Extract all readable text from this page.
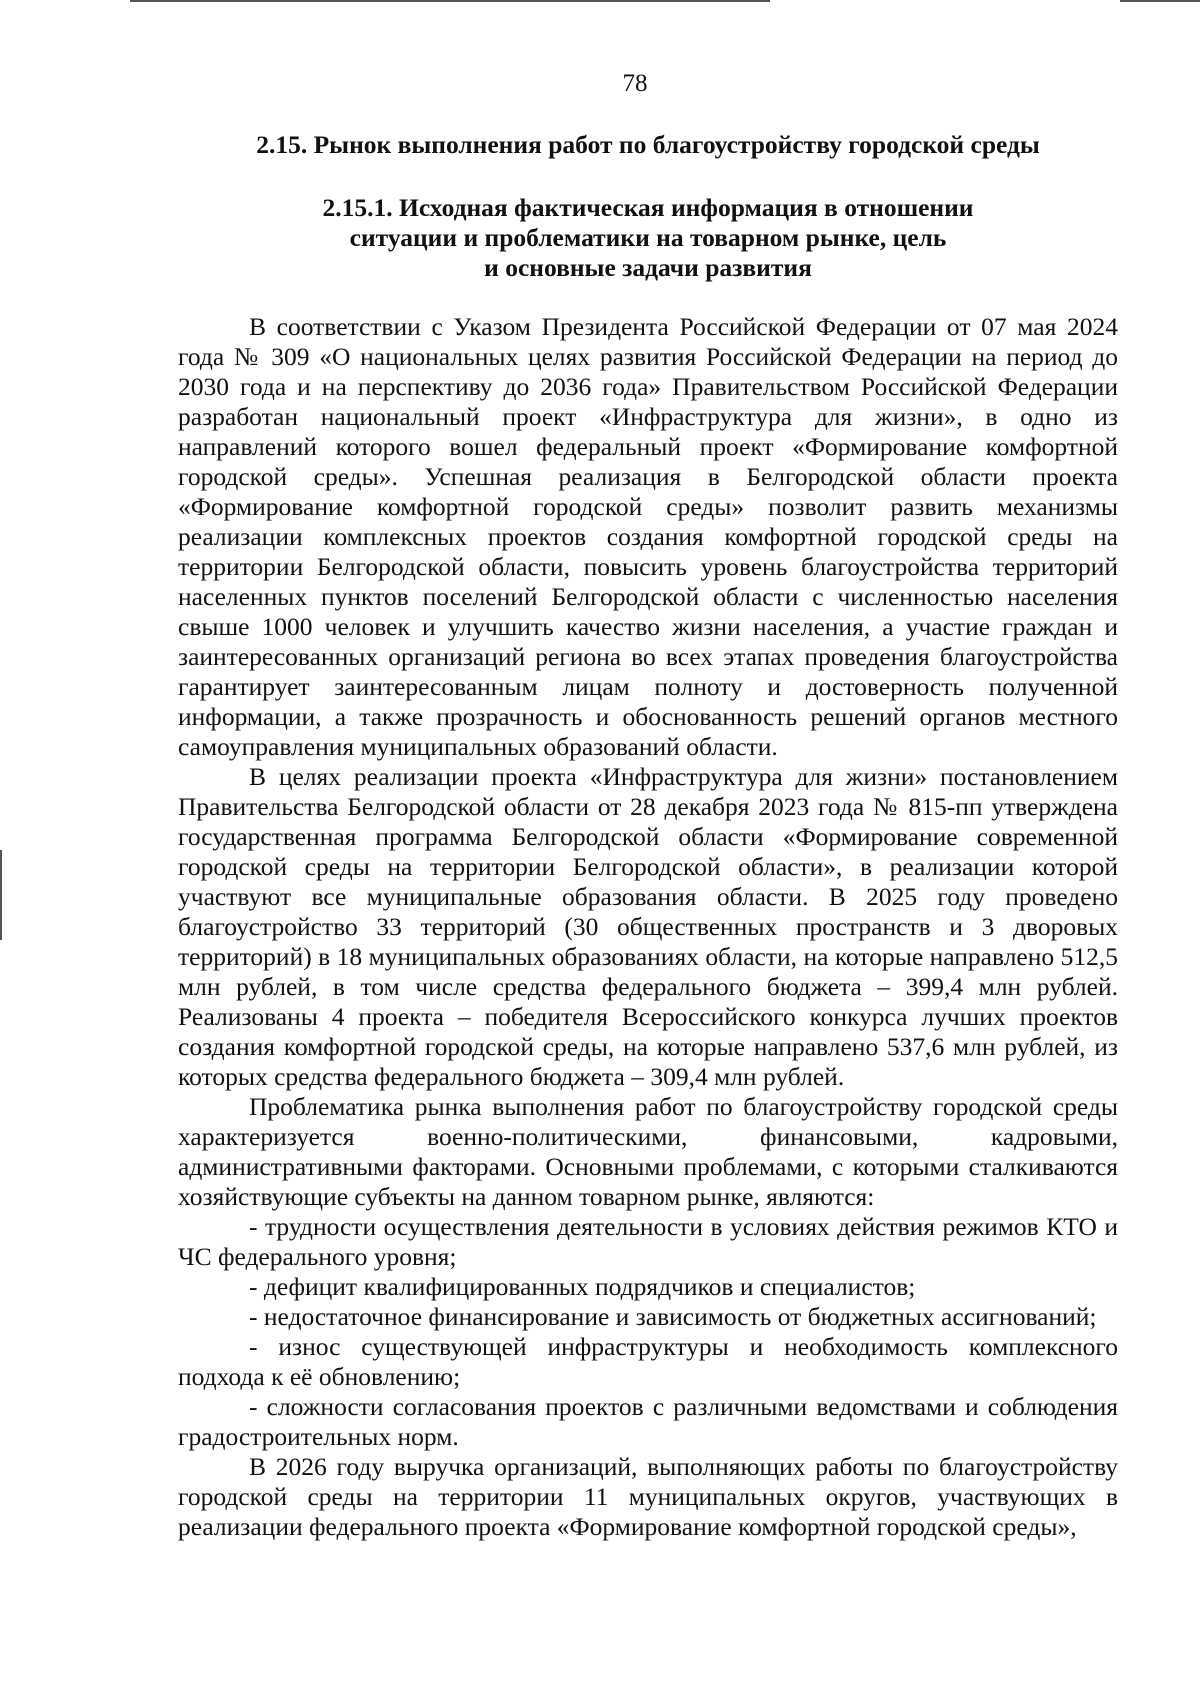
78
2.15. Рынок выполнения работ по благоустройству городской среды
2.15.1. Исходная фактическая информация в отношении
ситуации и проблематики на товарном рынке, цель
и основные задачи развития

В соответствии с Указом Президента Российской Федерации от 07 мая 2024 года № 309 «О национальных целях развития Российской Федерации на период до 2030 года и на перспективу до 2036 года» Правительством Российской Федерации разработан национальный проект «Инфраструктура для жизни», в одно из направлений которого вошел федеральный проект «Формирование комфортной городской среды». Успешная реализация в Белгородской области проекта «Формирование комфортной городской среды» позволит развить механизмы реализации комплексных проектов создания комфортной городской среды на территории Белгородской области, повысить уровень благоустройства территорий населенных пунктов поселений Белгородской области с численностью населения свыше 1000 человек и улучшить качество жизни населения, а участие граждан и заинтересованных организаций региона во всех этапах проведения благоустройства гарантирует заинтересованным лицам полноту и достоверность полученной информации, а также прозрачность и обоснованность решений органов местного самоуправления муниципальных образований области.

В целях реализации проекта «Инфраструктура для жизни» постановлением Правительства Белгородской области от 28 декабря 2023 года № 815-пп утверждена государственная программа Белгородской области «Формирование современной городской среды на территории Белгородской области», в реализации которой участвуют все муниципальные образования области. В 2025 году проведено благоустройство 33 территорий (30 общественных пространств и 3 дворовых территорий) в 18 муниципальных образованиях области, на которые направлено 512,5 млн рублей, в том числе средства федерального бюджета – 399,4 млн рублей. Реализованы 4 проекта – победителя Всероссийского конкурса лучших проектов создания комфортной городской среды, на которые направлено 537,6 млн рублей, из которых средства федерального бюджета – 309,4 млн рублей.

Проблематика рынка выполнения работ по благоустройству городской среды характеризуется военно-политическими, финансовыми, кадровыми, административными факторами. Основными проблемами, с которыми сталкиваются хозяйствующие субъекты на данном товарном рынке, являются:

- трудности осуществления деятельности в условиях действия режимов КТО и ЧС федерального уровня;

- дефицит квалифицированных подрядчиков и специалистов;

- недостаточное финансирование и зависимость от бюджетных ассигнований;

- износ существующей инфраструктуры и необходимость комплексного подхода к её обновлению;

- сложности согласования проектов с различными ведомствами и соблюдения градостроительных норм.

В 2026 году выручка организаций, выполняющих работы по благоустройству городской среды на территории 11 муниципальных округов, участвующих в реализации федерального проекта «Формирование комфортной городской среды»,
